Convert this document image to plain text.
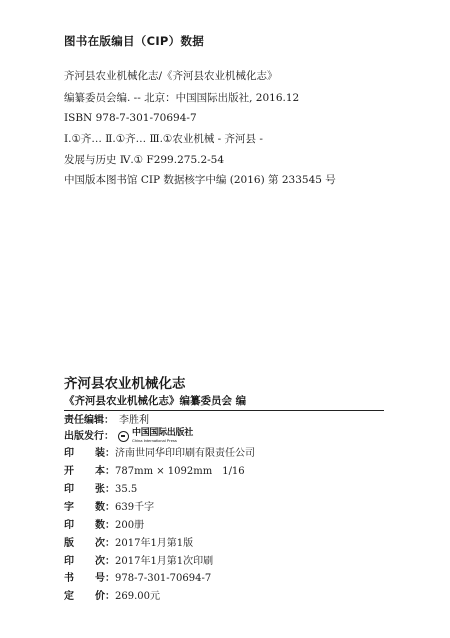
图书在版编目（CIP）数据
齐河县农业机械化志/《齐河县农业机械化志》
编纂委员会编. -- 北京：中国国际出版社, 2016.12
ISBN 978-7-301-70694-7
Ⅰ.①齐… Ⅱ.①齐… Ⅲ.①农业机械 - 齐河县 -
发展与历史 Ⅳ.① F299.275.2-54
中国版本图书馆 CIP 数据核字中编 (2016) 第 233545 号
齐河县农业机械化志
《齐河县农业机械化志》编纂委员会 编
责任编辑： 李胜利
出版发行： 中国国际出版社
China International Press
印 装 ： 济南世同华印印刷有限责任公司
开 本 ： 787mm × 1092mm　1/16
印 张 ： 35.5
字 数 ： 639千字
印 数 ： 200册
版 次 ： 2017年1月第1版
印 次 ： 2017年1月第1次印刷
书 号 ： 978-7-301-70694-7
定 价 ： 269.00元
